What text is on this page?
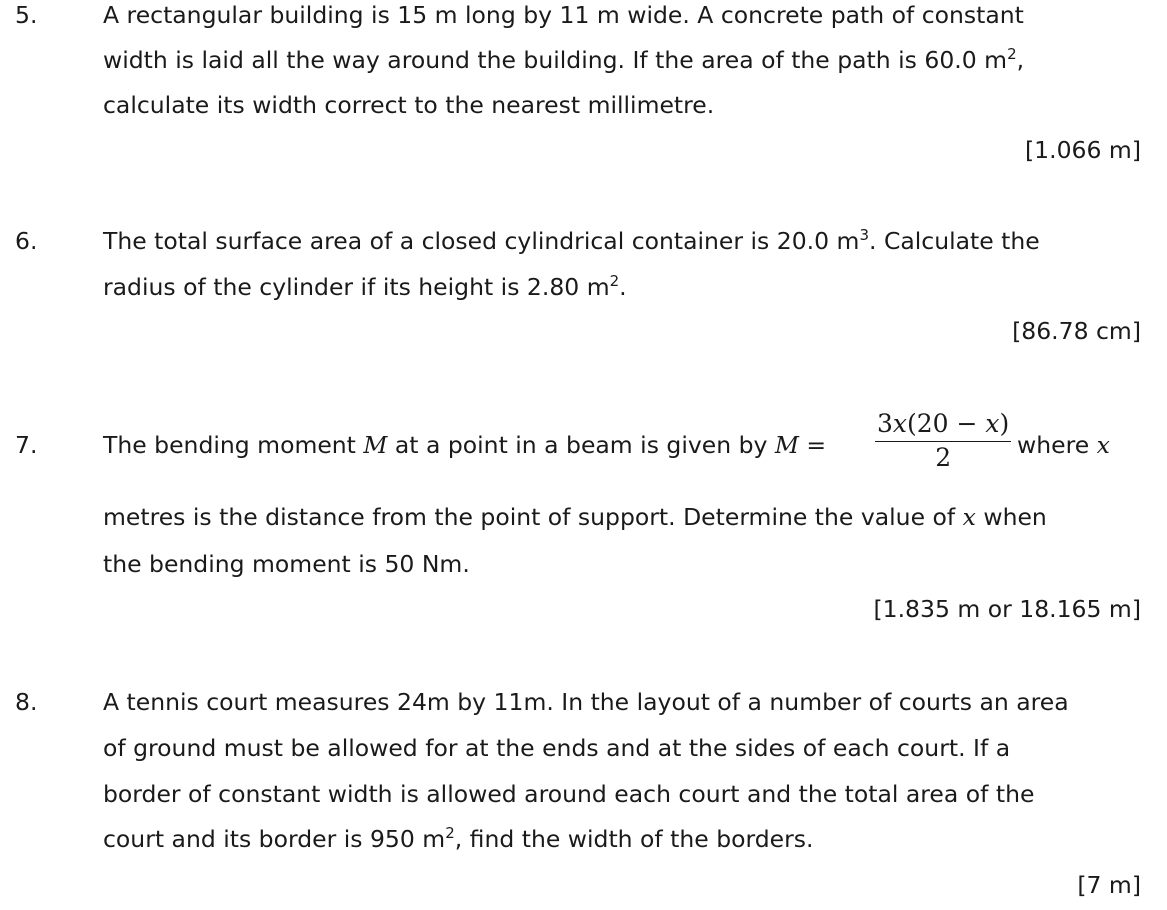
5.	A rectangular building is 15 m long by 11 m wide. A concrete path of constant
width is laid all the way around the building. If the area of the path is 60.0 $m^2$,
calculate its width correct to the nearest millimetre.
[1.066 m]
6.	The total surface area of a closed cylindrical container is 20.0 $m^3$. Calculate the
radius of the cylinder if its height is 2.80 $m^2$.
[86.78 cm]
7.	The bending moment M at a point in a beam is given by M =
3x(20 − x)
2	where x
metres is the distance from the point of support. Determine the value of x when
the bending moment is 50 Nm.
[1.835 m or 18.165 m]
8.	A tennis court measures 24m by 11m. In the layout of a number of courts an area
of ground must be allowed for at the ends and at the sides of each court. If a
border of constant width is allowed around each court and the total area of the
court and its border is 950 $m^2$, find the width of the borders.
[7 m]
